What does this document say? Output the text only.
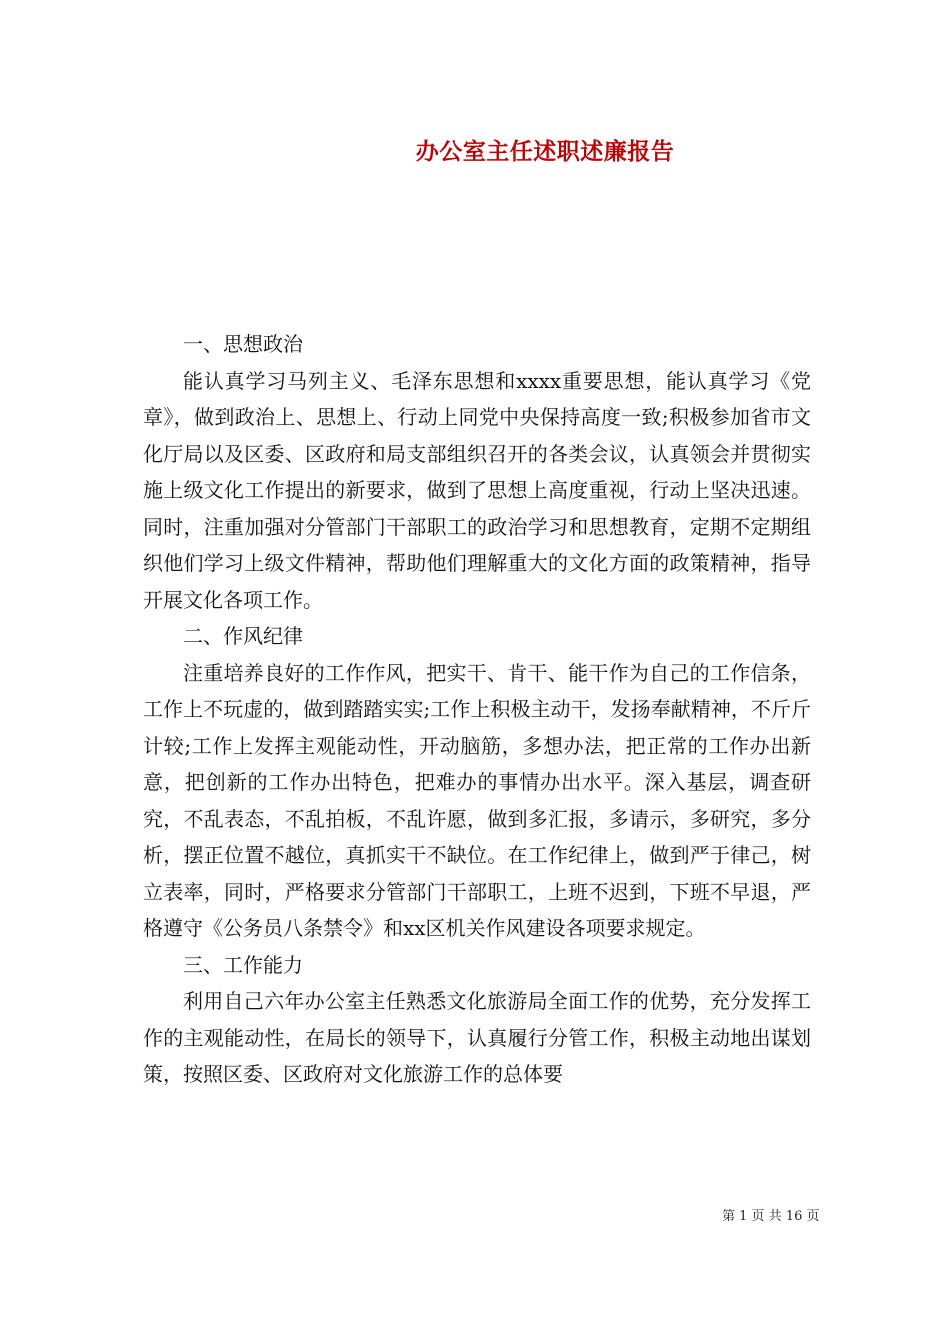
办公室主任述职述廉报告

一、思想政治

能认真学习马列主义、毛泽东思想和xxxx重要思想，能认真学习《党章》，做到政治上、思想上、行动上同党中央保持高度一致;积极参加省市文化厅局以及区委、区政府和局支部组织召开的各类会议，认真领会并贯彻实施上级文化工作提出的新要求，做到了思想上高度重视，行动上坚决迅速。同时，注重加强对分管部门干部职工的政治学习和思想教育，定期不定期组织他们学习上级文件精神，帮助他们理解重大的文化方面的政策精神，指导开展文化各项工作。

二、作风纪律

注重培养良好的工作作风，把实干、肯干、能干作为自己的工作信条，工作上不玩虚的，做到踏踏实实;工作上积极主动干，发扬奉献精神，不斤斤计较;工作上发挥主观能动性，开动脑筋，多想办法，把正常的工作办出新意，把创新的工作办出特色，把难办的事情办出水平。深入基层，调查研究，不乱表态，不乱拍板，不乱许愿，做到多汇报，多请示，多研究，多分析，摆正位置不越位，真抓实干不缺位。在工作纪律上，做到严于律己，树立表率，同时，严格要求分管部门干部职工，上班不迟到，下班不早退，严格遵守《公务员八条禁令》和xx区机关作风建设各项要求规定。

三、工作能力

利用自己六年办公室主任熟悉文化旅游局全面工作的优势，充分发挥工作的主观能动性，在局长的领导下，认真履行分管工作，积极主动地出谋划策，按照区委、区政府对文化旅游工作的总体要

第 1 页 共 16 页
